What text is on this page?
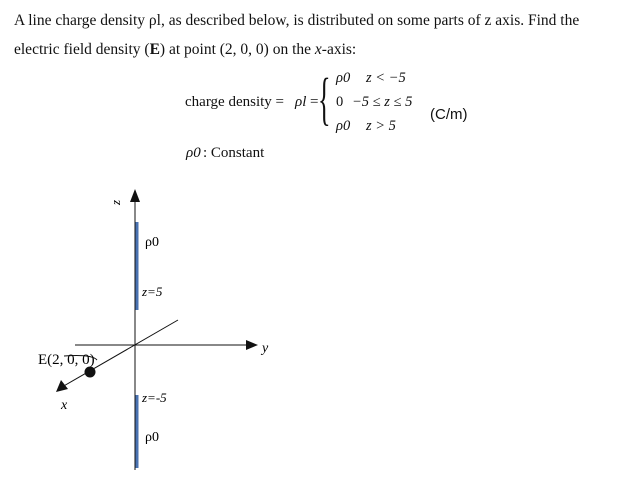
A line charge density ρl, as described below, is distributed on some parts of z axis. Find the

electric field density (E) at point (2, 0, 0) on the x-axis:

charge density = ρl = { ρ0 z < −5
0 −5 ≤ z ≤ 5
ρ0 z > 5
(C/m)
ρ0 : Constant
z
y
x
ρ0
z=5
z=-5
ρ0
E(2, 0, 0)
